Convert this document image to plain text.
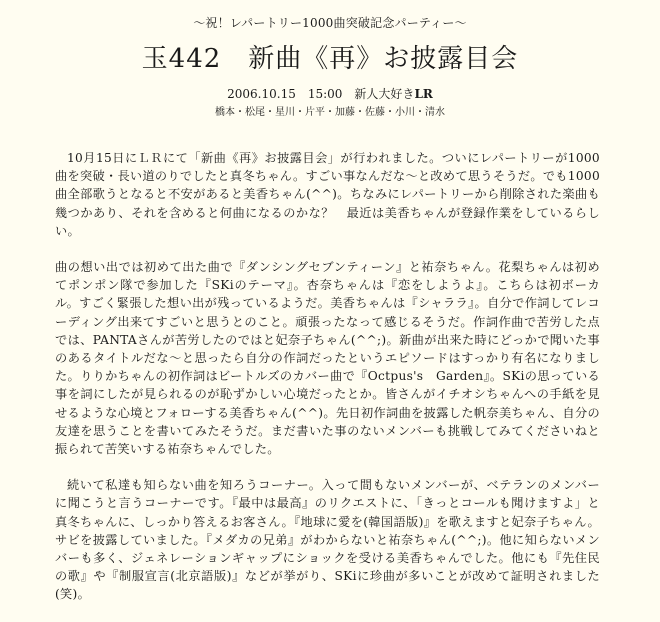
～祝！レパートリー1000曲突破記念パーティー～
玉442　新曲《再》お披露目会
2006.10.15　15:00　新人大好きLR
橋本・松尾・星川・片平・加藤・佐藤・小川・清水

10月15日にＬＲにて「新曲《再》お披露目会」が行われました。ついにレパートリーが1000曲を突破・長い道のりでしたと真冬ちゃん。すごい事なんだな〜と改めて思うそうだ。でも1000曲全部歌うとなると不安があると美香ちゃん(^^)。ちなみにレパートリーから削除された楽曲も幾つかあり、それを含めると何曲になるのかな？　最近は美香ちゃんが登録作業をしているらしい。

曲の想い出では初めて出た曲で『ダンシングセブンティーン』と祐奈ちゃん。花梨ちゃんは初めてポンポン隊で参加した『SKiのテーマ』。杏奈ちゃんは『恋をしようよ』。こちらは初ボーカル。すごく緊張した想い出が残っているようだ。美香ちゃんは『シャララ』。自分で作詞してレコーディング出来てすごいと思うとのこと。頑張ったなって感じるそうだ。作詞作曲で苦労した点では、PANTAさんが苦労したのではと妃奈子ちゃん(^^;)。新曲が出来た時にどっかで聞いた事のあるタイトルだな〜と思ったら自分の作詞だったというエピソードはすっかり有名になりました。りりかちゃんの初作詞はビートルズのカバー曲で『Octpus's　Garden』。SKiの思っている事を詞にしたが見られるのが恥ずかしい心境だったとか。皆さんがイチオシちゃんへの手紙を見せるような心境とフォローする美香ちゃん(^^)。先日初作詞曲を披露した帆奈美ちゃん、自分の友達を思うことを書いてみたそうだ。まだ書いた事のないメンバーも挑戦してみてくださいねと振られて苦笑いする祐奈ちゃんでした。

続いて私達も知らない曲を知ろうコーナー。入って間もないメンバーが、ベテランのメンバーに聞こうと言うコーナーです。『最中は最高』のリクエストに、「きっとコールも聞けますよ」と真冬ちゃんに、しっかり答えるお客さん。『地球に愛を(韓国語版)』を歌えますと妃奈子ちゃん。サビを披露していました。『メダカの兄弟』がわからないと祐奈ちゃん(^^;)。他に知らないメンバーも多く、ジェネレーションギャップにショックを受ける美香ちゃんでした。他にも『先住民の歌』や『制服宣言(北京語版)』などが挙がり、SKiに珍曲が多いことが改めて証明されました(笑)。
